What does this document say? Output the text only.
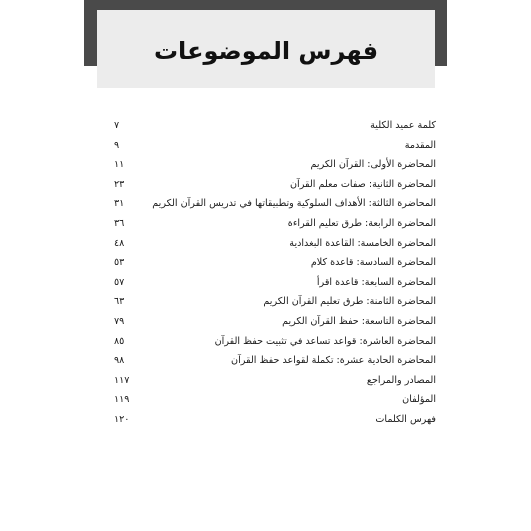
فهرس الموضوعات
كلمة عميد الكلية
٧
المقدمة
٩
المحاضرة الأولى: القرآن الكريم
١١
المحاضرة الثانية: صفات معلم القرآن
٢٣
المحاضرة الثالثة: الأهداف السلوكية وتطبيقاتها في تدريس القرآن الكريم
٣١
المحاضرة الرابعة: طرق تعليم القراءة
٣٦
المحاضرة الخامسة: القاعدة البغدادية
٤٨
المحاضرة السادسة: قاعدة كلام
٥٣
المحاضرة السابعة: قاعدة اقرأ
٥٧
المحاضرة الثامنة: طرق تعليم القرآن الكريم
٦٣
المحاضرة التاسعة: حفظ القرآن الكريم
٧٩
المحاضرة العاشرة: قواعد تساعد في تثبيت حفظ القرآن
٨٥
المحاضرة الحادية عشرة: تكملة لقواعد حفظ القرآن
٩٨
المصادر والمراجع
١١٧
المؤلفان
١١٩
فهرس الكلمات
١٢٠
